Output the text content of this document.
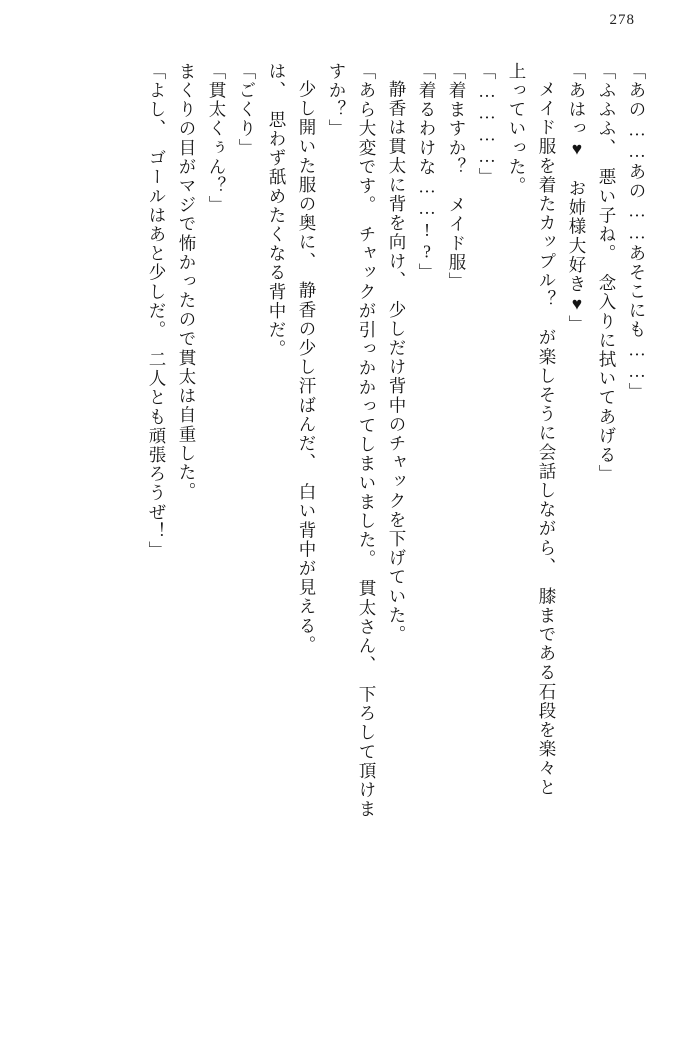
278
「あの……あの……あそこにも……」
「ふふふ、　悪い子ね。　念入りに拭いてあげる」
「あはっ♥　お姉様大好き♥」
メイド服を着たカップル？　が楽しそうに会話しながら、　膝まである石段を楽々と
上っていった。
「…………」
「着ますか？　メイド服」
「着るわけな……!?」
静香は貫太に背を向け、　少しだけ背中のチャックを下げていた。
「あら大変です。　チャックが引っかかってしまいました。　貫太さん、　下ろして頂けま
すか？」
少し開いた服の奥に、　静香の少し汗ばんだ、　白い背中が見える。
は、　思わず舐めたくなる背中だ。
「ごくり」
「貫太くぅん？」
まくりの目がマジで怖かったので貫太は自重した。
「よし、　ゴールはあと少しだ。　二人とも頑張ろうぜ！」
